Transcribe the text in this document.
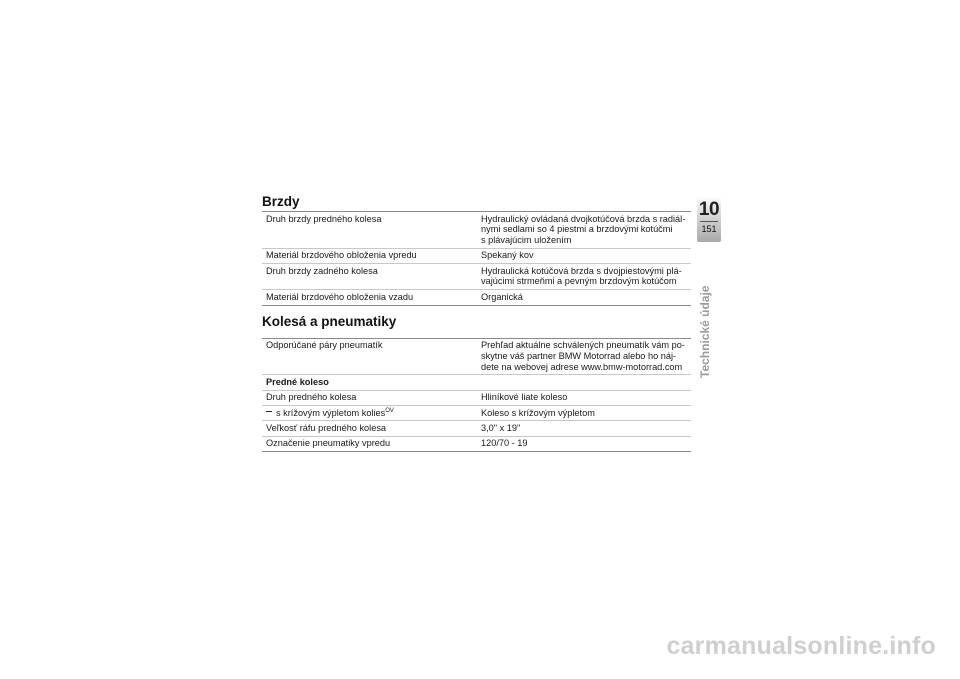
Brzdy
Druh brzdy predného kolesa	Hydraulický ovládaná dvojkotúčová brzda s radiál-
nymi sedlami so 4 piestmi a brzdovými kotúčmi
s plávajúcim uložením
Materiál brzdového obloženia vpredu	Spekaný kov
Druh brzdy zadného kolesa	Hydraulická kotúčová brzda s dvojpiestovými plá-
vajúcimi strmeňmi a pevným brzdovým kotúčom
Materiál brzdového obloženia vzadu	Organická
Kolesá a pneumatiky
Odporúčané páry pneumatík	Prehľad aktuálne schválených pneumatík vám po-
skytne váš partner BMW Motorrad alebo ho náj-
dete na webovej adrese www.bmw-motorrad.com
Predné koleso
Druh predného kolesa	Hliníkové liate koleso
s krížovým výpletom kolies$^{OV}$	Koleso s krížovým výpletom
Veľkosť ráfu predného kolesa	3,0" x 19"
Označenie pneumatiky vpredu	120/70 - 19
10
151
Technické údaje
carmanualsonline.info
